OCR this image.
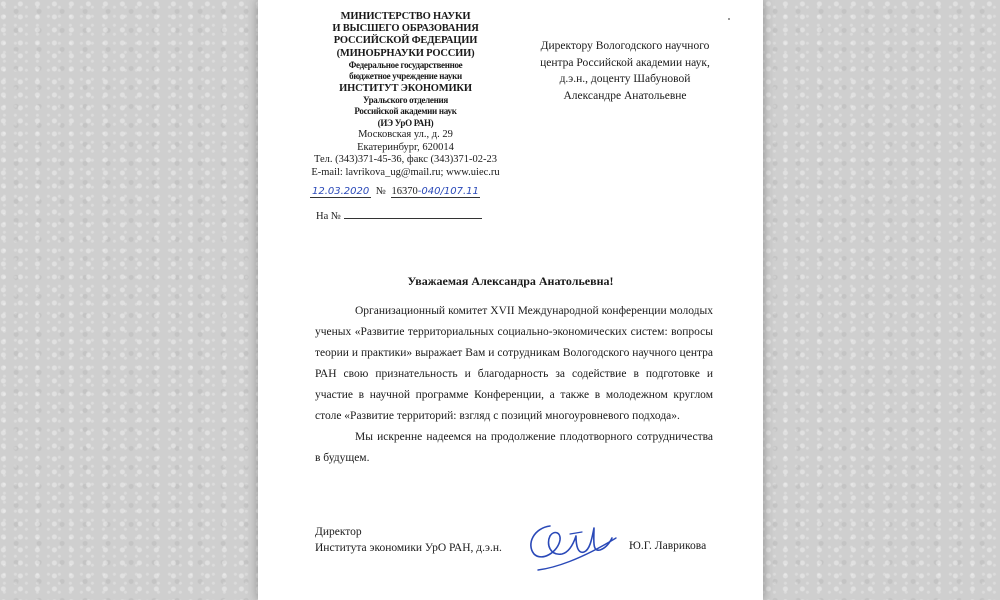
МИНИСТЕРСТВО НАУКИ
И ВЫСШЕГО ОБРАЗОВАНИЯ
РОССИЙСКОЙ ФЕДЕРАЦИИ
(МИНОБРНАУКИ РОССИИ)
Федеральное государственное
бюджетное учреждение науки
ИНСТИТУТ ЭКОНОМИКИ
Уральского отделения
Российской академии наук
(ИЭ УрО РАН)
Московская ул., д. 29
Екатеринбург, 620014
Тел. (343)371-45-36, факс (343)371-02-23
E-mail: lavrikova_ug@mail.ru; www.uiec.ru
12.03.2020 № 16370-040/107.11
На №
Директору Вологодского научного
центра Российской академии наук,
д.э.н., доценту Шабуновой
Александре Анатольевне
Уважаемая Александра Анатольевна!

Организационный комитет XVII Международной конференции молодых ученых «Развитие территориальных социально-экономических систем: вопросы теории и практики» выражает Вам и сотрудникам Вологодского научного центра РАН свою признательность и благодарность за содействие в подготовке и участие в научной программе Конференции, а также в молодежном круглом столе «Развитие территорий: взгляд с позиций многоуровневого подхода».

Мы искренне надеемся на продолжение плодотворного сотрудничества в будущем.

Директор
Института экономики УрО РАН, д.э.н.	Ю.Г. Лаврикова
